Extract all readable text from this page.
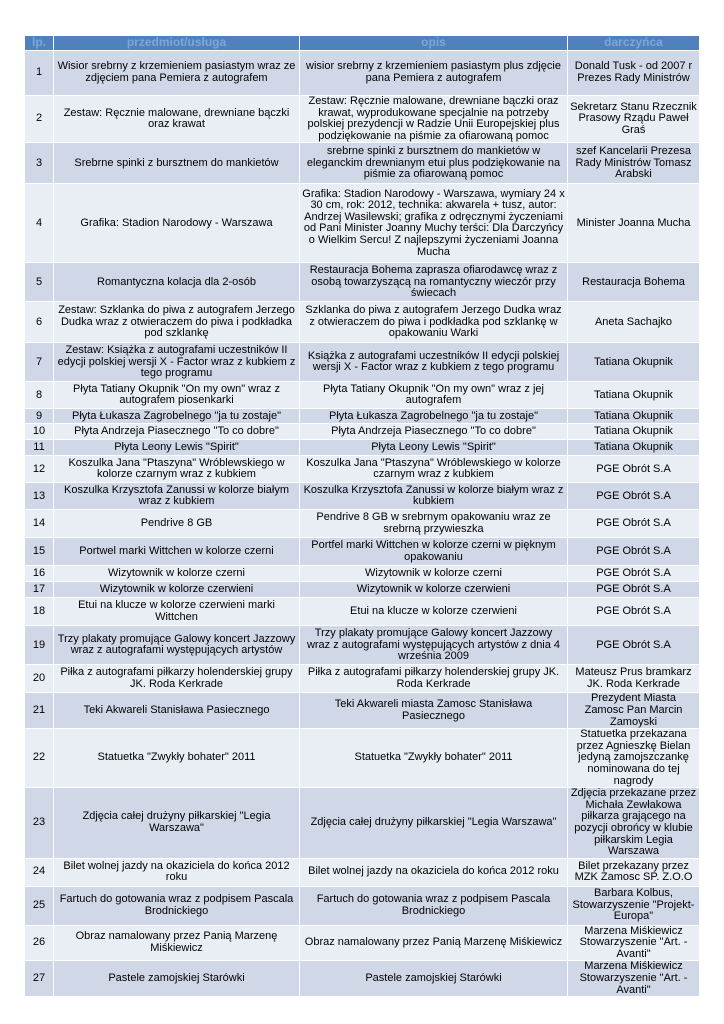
lp.	przedmiot/usługa	opis	darczyńca
1	Wisior srebrny z krzemieniem pasiastym wraz ze zdjęciem pana Pemiera z autografem	wisior srebrny z krzemieniem pasiastym plus zdjęcie pana Pemiera z autografem	Donald Tusk - od 2007 r Prezes Rady Ministrów
2	Zestaw: Ręcznie malowane, drewniane bączki oraz krawat	Zestaw: Ręcznie malowane, drewniane bączki oraz krawat, wyprodukowane specjalnie na potrzeby polskiej prezydencji w Radzie Unii Europejskiej plus podziękowanie na piśmie za ofiarowaną pomoc	Sekretarz Stanu Rzecznik Prasowy Rządu Paweł Graś
3	Srebrne spinki z bursztnem do mankietów	srebrne spinki z bursztnem do mankietów w eleganckim drewnianym etui plus podziękowanie na piśmie za ofiarowaną pomoc	szef Kancelarii Prezesa Rady Ministrów Tomasz Arabski
4	Grafika: Stadion Narodowy - Warszawa	Grafika: Stadion Narodowy - Warszawa, wymiary 24 x 30 cm, rok: 2012, technika: akwarela + tusz, autor: Andrzej Wasilewski; grafika z odręcznymi życzeniami od Pani Minister Joanny Muchy terści: Dla Darczyńcy o Wielkim Sercu! Z najlepszymi życzeniami Joanna Mucha	Minister Joanna Mucha
5	Romantyczna kolacja dla 2-osób	Restauracja Bohema zaprasza ofiarodawcę wraz z osobą towarzyszącą na romantyczny wieczór przy świecach	Restauracja Bohema
6	Zestaw: Szklanka do piwa z autografem Jerzego Dudka wraz z otwieraczem do piwa i podkładka pod szklankę	Szklanka do piwa z autografem Jerzego Dudka wraz z otwieraczem do piwa i podkładka pod szklankę w opakowaniu Warki	Aneta Sachajko
7	Zestaw: Książka z autografami uczestników II edycji polskiej wersji X - Factor wraz z kubkiem z tego programu	Książka z autografami uczestników II edycji polskiej wersji X - Factor wraz z kubkiem z tego programu	Tatiana Okupnik
8	Płyta Tatiany Okupnik "On my own" wraz z autografem piosenkarki	Płyta Tatiany Okupnik "On my own" wraz z jej autografem	Tatiana Okupnik
9	Płyta Łukasza Zagrobelnego "ja tu zostaje"	Płyta Łukasza Zagrobelnego "ja tu zostaje"	Tatiana Okupnik
10	Płyta Andrzeja Piasecznego "To co dobre"	Płyta Andrzeja Piasecznego "To co dobre"	Tatiana Okupnik
11	Płyta Leony Lewis "Spirit"	Płyta Leony Lewis "Spirit"	Tatiana Okupnik
12	Koszulka Jana "Ptaszyna" Wróblewskiego w kolorze czarnym wraz z kubkiem	Koszulka Jana "Ptaszyna" Wróblewskiego w kolorze czarnym wraz z kubkiem	PGE Obrót S.A
13	Koszulka Krzysztofa Zanussi w kolorze białym wraz z kubkiem	Koszulka Krzysztofa Zanussi w kolorze białym wraz z kubkiem	PGE Obrót S.A
14	Pendrive 8 GB	Pendrive 8 GB w srebrnym opakowaniu wraz ze srebrną przywieszka	PGE Obrót S.A
15	Portwel marki Wittchen w kolorze czerni	Portfel marki Wittchen w kolorze czerni w pięknym opakowaniu	PGE Obrót S.A
16	Wizytownik w kolorze czerni	Wizytownik w kolorze czerni	PGE Obrót S.A
17	Wizytownik w kolorze czerwieni	Wizytownik w kolorze czerwieni	PGE Obrót S.A
18	Etui na klucze w kolorze czerwieni marki Wittchen	Etui na klucze w kolorze czerwieni	PGE Obrót S.A
19	Trzy plakaty promujące Galowy koncert Jazzowy wraz z autografami występujących artystów	Trzy plakaty promujące Galowy koncert Jazzowy wraz z autografami występujących artystów z dnia 4 września 2009	PGE Obrót S.A
20	Piłka z autografami piłkarzy holenderskiej grupy JK. Roda Kerkrade	Piłka z autografami piłkarzy holenderskiej grupy JK. Roda Kerkrade	Mateusz Prus bramkarz JK. Roda Kerkrade
21	Teki Akwareli Stanisława Pasiecznego	Teki Akwareli miasta Zamosc Stanisława Pasiecznego	Prezydent Miasta Zamosc Pan Marcin Zamoyski
22	Statuetka "Zwykły bohater" 2011	Statuetka "Zwykły bohater" 2011	Statuetka przekazana przez Agnieszkę Bielan jedyną zamojszczankę nominowana do tej nagrody
23	Zdjęcia całej drużyny piłkarskiej "Legia Warszawa"	Zdjęcia całej drużyny piłkarskiej "Legia Warszawa"	Zdjęcia przekazane przez Michała Zewłakowa piłkarza grającego na pozycji obrońcy w klubie piłkarskim Legia Warszawa
24	Bilet wolnej jazdy na okaziciela do końca 2012 roku	Bilet wolnej jazdy na okaziciela do końca 2012 roku	Bilet przekazany przez MZK Zamosc SP. Z.O.O
25	Fartuch do gotowania wraz z podpisem Pascala Brodnickiego	Fartuch do gotowania wraz z podpisem Pascala Brodnickiego	Barbara Kolbus, Stowarzyszenie "Projekt-Europa"
26	Obraz namalowany przez Panią Marzenę Miśkiewicz	Obraz namalowany przez Panią Marzenę Miśkiewicz	Marzena Miśkiewicz Stowarzyszenie "Art. - Avanti"
27	Pastele zamojskiej Starówki	Pastele zamojskiej Starówki	Marzena Miśkiewicz Stowarzyszenie "Art. - Avanti"
